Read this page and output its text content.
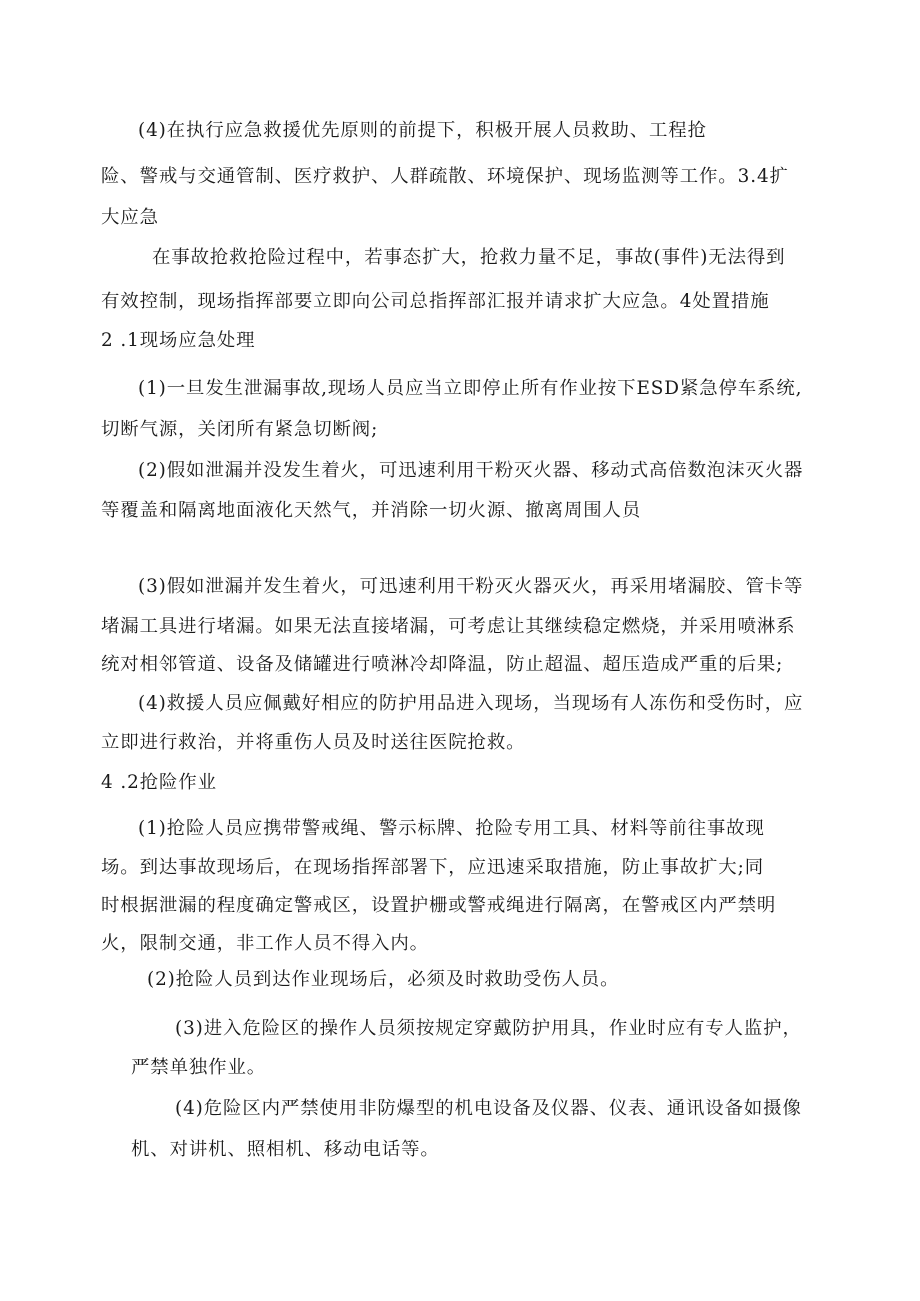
(4)在执行应急救援优先原则的前提下，积极开展人员救助、工程抢
险、警戒与交通管制、医疗救护、人群疏散、环境保护、现场监测等工作。3.4扩
大应急
在事故抢救抢险过程中，若事态扩大，抢救力量不足，事故(事件)无法得到
有效控制，现场指挥部要立即向公司总指挥部汇报并请求扩大应急。4处置措施
2 .1现场应急处理
(1)一旦发生泄漏事故,现场人员应当立即停止所有作业按下ESD紧急停车系统,
切断气源，关闭所有紧急切断阀;
(2)假如泄漏并没发生着火，可迅速利用干粉灭火器、移动式高倍数泡沫灭火器
等覆盖和隔离地面液化天然气，并消除一切火源、撤离周围人员
(3)假如泄漏并发生着火，可迅速利用干粉灭火器灭火，再采用堵漏胶、管卡等
堵漏工具进行堵漏。如果无法直接堵漏，可考虑让其继续稳定燃烧，并采用喷淋系
统对相邻管道、设备及储罐进行喷淋冷却降温，防止超温、超压造成严重的后果;
(4)救援人员应佩戴好相应的防护用品进入现场，当现场有人冻伤和受伤时，应
立即进行救治，并将重伤人员及时送往医院抢救。
4 .2抢险作业
(1)抢险人员应携带警戒绳、警示标牌、抢险专用工具、材料等前往事故现
场。到达事故现场后，在现场指挥部署下，应迅速采取措施，防止事故扩大;同
时根据泄漏的程度确定警戒区，设置护栅或警戒绳进行隔离，在警戒区内严禁明
火，限制交通，非工作人员不得入内。
(2)抢险人员到达作业现场后，必须及时救助受伤人员。
(3)进入危险区的操作人员须按规定穿戴防护用具，作业时应有专人监护，
严禁单独作业。
(4)危险区内严禁使用非防爆型的机电设备及仪器、仪表、通讯设备如摄像
机、对讲机、照相机、移动电话等。
